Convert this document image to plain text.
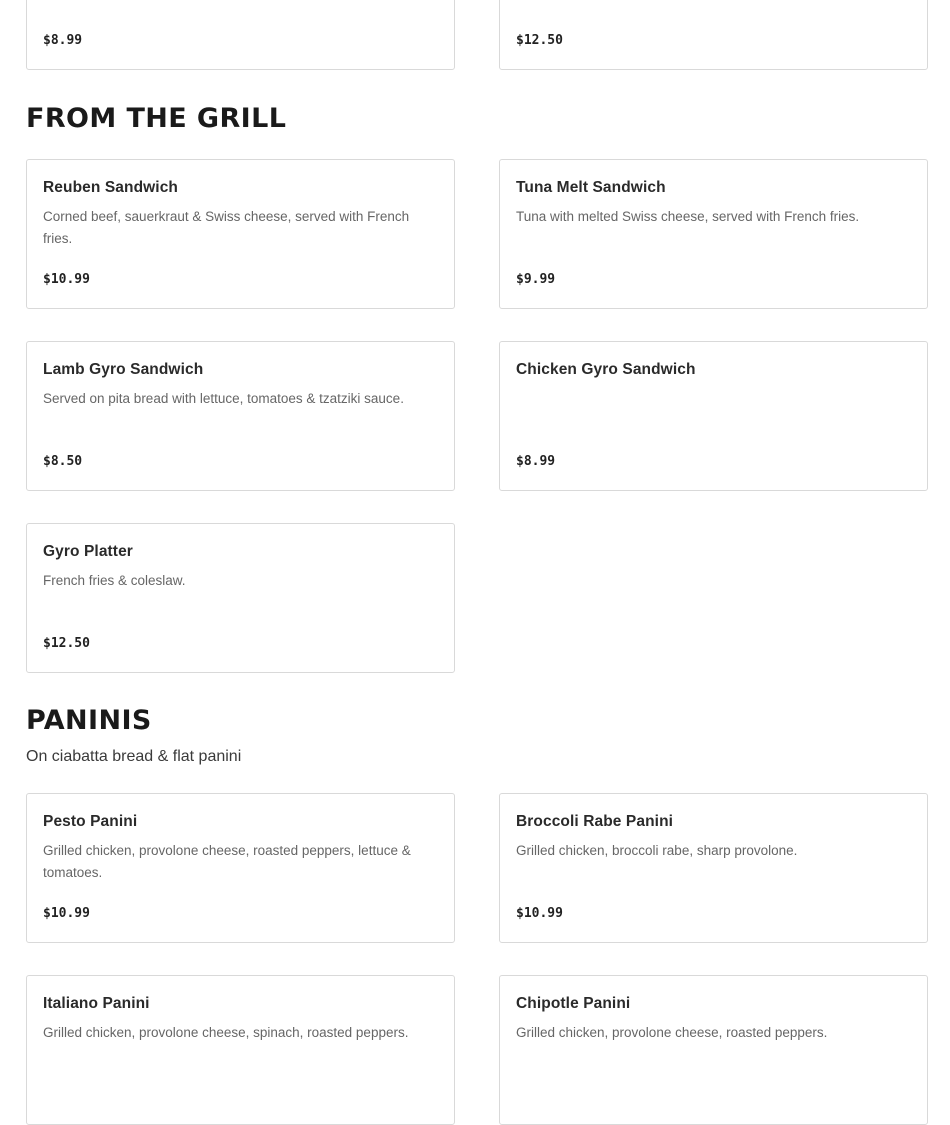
$8.99	$12.50
FROM THE GRILL
Reuben Sandwich
Corned beef, sauerkraut & Swiss cheese, served with French fries.
$10.99
Tuna Melt Sandwich
Tuna with melted Swiss cheese, served with French fries.
$9.99
Lamb Gyro Sandwich
Served on pita bread with lettuce, tomatoes & tzatziki sauce.
$8.50
Chicken Gyro Sandwich
$8.99
Gyro Platter
French fries & coleslaw.
$12.50
PANINIS
On ciabatta bread & flat panini
Pesto Panini
Grilled chicken, provolone cheese, roasted peppers, lettuce & tomatoes.
$10.99
Broccoli Rabe Panini
Grilled chicken, broccoli rabe, sharp provolone.
$10.99
Italiano Panini
Grilled chicken, provolone cheese, spinach, roasted peppers.
Chipotle Panini
Grilled chicken, provolone cheese, roasted peppers.
